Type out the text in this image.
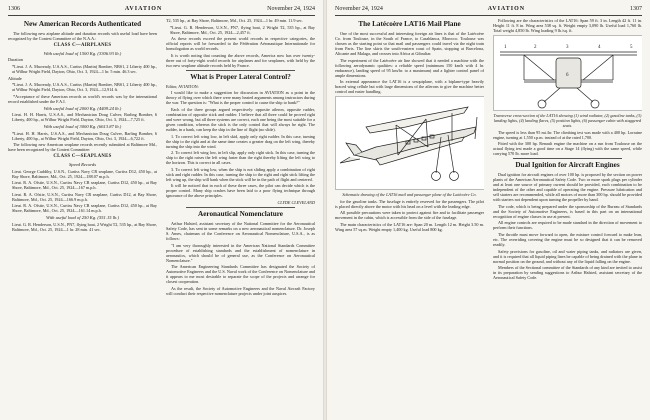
1306	AVIATION	November 24, 1924
New American Records Authenticated

The following new airplane altitude and duration records with useful load have been recognized by the Contest Committee of the N.A.A.:

CLASS C—AIRPLANES
With useful load of 1500 Kg. (3306.93 lb.)

Duration

*Lieut. J. A. Macready, U.S.A.S., Curtiss (Martin) Bomber, NBS1, 2 Liberty 400 hp., at Wilbur Wright Field, Dayton, Ohio, Oct. 3, 1924—1 hr. 5 min. 46.3 sec.

Altitude

*Lieut. J. A. Macready, U.S.A.S., Curtiss (Martin) Bomber, NBS1, 2 Liberty 400 hp., at Wilbur Wright Field, Dayton, Ohio, Oct. 3, 1924—12,914 ft.

*Acceptance of these American records as world's records was by the international record established under the F.A.I.

With useful load of 2000 Kg. (4409.24 lb.)

Lieut. H. H. Harris, U.S.A.S., and Mechanician Doug Culver, Barling Bomber, 6 Liberty, 400 hp., at Wilbur Wright Field, Dayton, Ohio, Oct. 3, 1924—7,725 ft.

With useful load of 3000 Kg. (6613.87 lb.)

*Lieut. H. H. Harris, U.S.A.S., and Mechanician Doug Culver, Barling Bomber, 6 Liberty, 400 hp., at Wilbur Wright Field, Dayton, Ohio, Oct. 3, 1924—6,722 ft.

The following new American seaplane records recently submitted at Baltimore Md., have been recognized by the Contest Committee:

CLASS C—SEAPLANES
Speed Records

Lieut. George Cuddihy, U.S.N., Curtiss Navy CR seaplane, Curtiss D12, 450 hp., at Bay Shore, Baltimore, Md., Oct. 25, 1924—188.07 m.p.h.

Lieut. R. A. Ofstie, U.S.N., Curtiss Navy CR seaplane, Curtiss D12, 450 hp., at Bay Shore, Baltimore, Md., Oct. 25, 1924—167 m.p.h.

Lieut. R. A. Ofstie, U.S.N., Curtiss Navy CR seaplane, Curtiss D12, at Bay Shore, Baltimore, Md., Oct. 25, 1924—166.9 m.p.h.

Lieut. R. A. Ofstie, U.S.N., Curtiss Navy CR seaplane, Curtiss D12, 450 hp., at Bay Shore, Baltimore, Md., Oct. 25, 1924—161.14 m.p.h.

With useful load of 250 Kg. (551.15 lb.)

Lieut. G. R. Henderson, U.S.N., PN7, flying boat, 2 Wright T2, 535 hp., at Bay Shore, Baltimore, Md., Oct. 25, 1924—1 hr. 28 min. 41 sec.

T2, 535 hp., at Bay Shore, Baltimore, Md., Oct. 25, 1924—1 hr. 49 min. 11.9 sec.

*Lieut. G. R. Henderson, U.S.N., PN7, flying boat, 2 Wright T2, 535 hp., at Bay Shore, Baltimore, Md., Oct. 25, 1924—2,457 ft.

As these records exceed the present world records in respective categories, the official reports will be forwarded to the Fédération Aéronautique Internationale for homologation as world records.

It is worth noting that counting the above records, America now has over twenty-three out of forty-eight world records for airplanes and for seaplanes, with held by the two new seaplane altitude records held by France.

What is Proper Lateral Control?

Editor, AVIATION:

I would like to make a suggestion for discussion in AVIATION as a point in the theory of flying over which there were many heated arguments among instructors during the war. The question is: "What is the proper control to cause the ship to bank?"

Each of the three groups argued respectively: opposite aileron, opposite rudder, combination of opposite stick and rudder. I believe that all three could be proved right and were wrong, but all three systems are correct, each one being the most suitable for a given condition, whereas the stick is the only control that will always be right. The rudder, in a bank, can keep the ship in the line of flight (no slide).

1. To correct left wing low, in left skid, apply only right rudder. In this case, turning the ship to the right and at the same time creates a greater drag on the left wing, thereby turning the ship into the wind.

2. To correct left wing low, in left slip, apply only right stick. In this case, turning the ship to the right raises the left wing faster than the right thereby lifting the left wing to the horizon. This is correct in all cases.

3. To correct left wing low, when the ship is not sliding apply a combination of right stick and right rudder. In this case, turning the ship to the right and right stick lifting the left wing up, the ship will bank when the stick will be in the path of flight and centered.

It will be noticed that in each of these three cases, the pilot can decide which is the proper control. Many ship crashes have been laid to a poor flying technique through ignorance of the above principles.

CLYDE CLEVELAND

Aeronautical Nomenclature

Arthur Halsted, assistant secretary of the National Committee for the Aeronautical Safety Code, has sent in some remarks on a new aeronautical nomenclature. Dr. Joseph S. Ames, chairman of the Conference on Aeronautical Nomenclature, U.S.A., is as follows:

"I am very thoroughly interested in the American National Standards Committee procedure of establishing standards and the establishment of nomenclature in aeronautics, which should be of general use, as the Conference on Aeronautical Nomenclature."

The American Engineering Standards Committee has designated the Society of Automotive Engineers and the U.S. Naval work of the Conference on Nomenclature and it appears to me most desirable to separate the scope of the projects and arrange for closest cooperation.

As the result, the Society of Automotive Engineers and the Naval Aircraft Factory will conduct their respective nomenclature projects under joint auspices.

November 24, 1924	AVIATION	1307
The Latécoère LAT16 Mail Plane

One of the most successful and interesting foreign air lines is that of the Latécoère Co. from Toulouse, in the South of France, to Casablanca, Morocco. Toulouse was chosen as the starting point so that mail and passengers could travel via the night train from Paris. The line skirts the south-eastern coast of Spain, stopping at Barcelona, Alicante and Malaga, and crosses into Africa at Gibraltar.

The experiment of the Latécoère air line showed that it needed a machine with the following aerodynamic qualities: a reliable speed (minimum 150 km/h with 4 hr. endurance), landing speed of 95 km/hr. to a maximum) and a lighter control panel of ample dimensions.

In external appearance the LAT16 is a sesquiplane, with a biplane-type heavily braced wing cellule but with large dimensions of the ailerons to give the machine better control and easier handling.

Schematic drawing of the LAT16 mail and passenger plane of the Latécoère Co.

for the gasoline tanks. The fuselage is entirely reserved for the passengers. The pilot is placed directly above the motor with his head on a level with the leading edge.

All possible precautions were taken to protect against fire and to facilitate passenger movement in the cabin, which is accessible from the side of the fuselage.

The main characteristics of the LAT16 are: Span 20 m. Length 12 m. Height 3.50 m. Wing area 57 sq.m. Weight empty 1,400 kg. Useful load 800 kg.

Following are the characteristics of the LAT16: Span 59 ft. 3 in. Length 42 ft. 11 in. Height 11 ft. 8 in. Wing area 538 sq. ft. Weight empty 3,090 lb. Useful load 1,760 lb. Total weight 4,850 lb. Wing loading 9 lb./sq. ft.

1	2	3	4	5
6

Transverse cross-section of the LAT16 showing (1) wind radiator, (2) gasoline tanks, (3) landing lights, (4) landing flares, (5) position lights, (6) passenger cabin with staggered seats.

The speed is less than 95 mi./hr. The climbing test was made with a 400 hp. Lorraine engine, turning at 1,550 r.p.m. instead of at the rated 1,700.

Fitted with the 300 hp. Renault engine the machine on a run from Toulouse on the actual flying test made a good time on a Stage 14 (flying) with the same speed, while carrying 570 lb. more load.

Dual Ignition for Aircraft Engines

Dual ignition for aircraft engines of over 100 hp. is proposed by the section on power plants of the American Aeronautical Safety Code. Two or more spark plugs per cylinder and at least one source of primary current should be provided, each combination to be independent of the other and capable of operating the engine. Pressure lubrication and self starters are recommended, while all motors of more than 300 hp. should be provided with starters not dependent upon turning the propeller by hand.

The code, which is being prepared under the sponsorship of the Bureau of Standards and the Society of Automotive Engineers, is based in this part on an international recognition of engine classes in use at present.

All engine controls are required to be made standard in the direction of movement to perform their functions.

The throttle must move forward to open, the mixture control forward to make lean, etc. The overriding covering the engine must be so designed that it can be removed readily.

Safety provisions for gasoline, oil and water piping tanks, and radiators are given, and it is required that all liquid piping lines be capable of being drained with the plane in normal position on the ground, and without any of the liquid falling on the engine.

Members of the Sectional committee of the Standards of any kind are invited to assist in its preparation by sending suggestions to Arthur Halsted, assistant secretary of the Aeronautical Safety Code.
